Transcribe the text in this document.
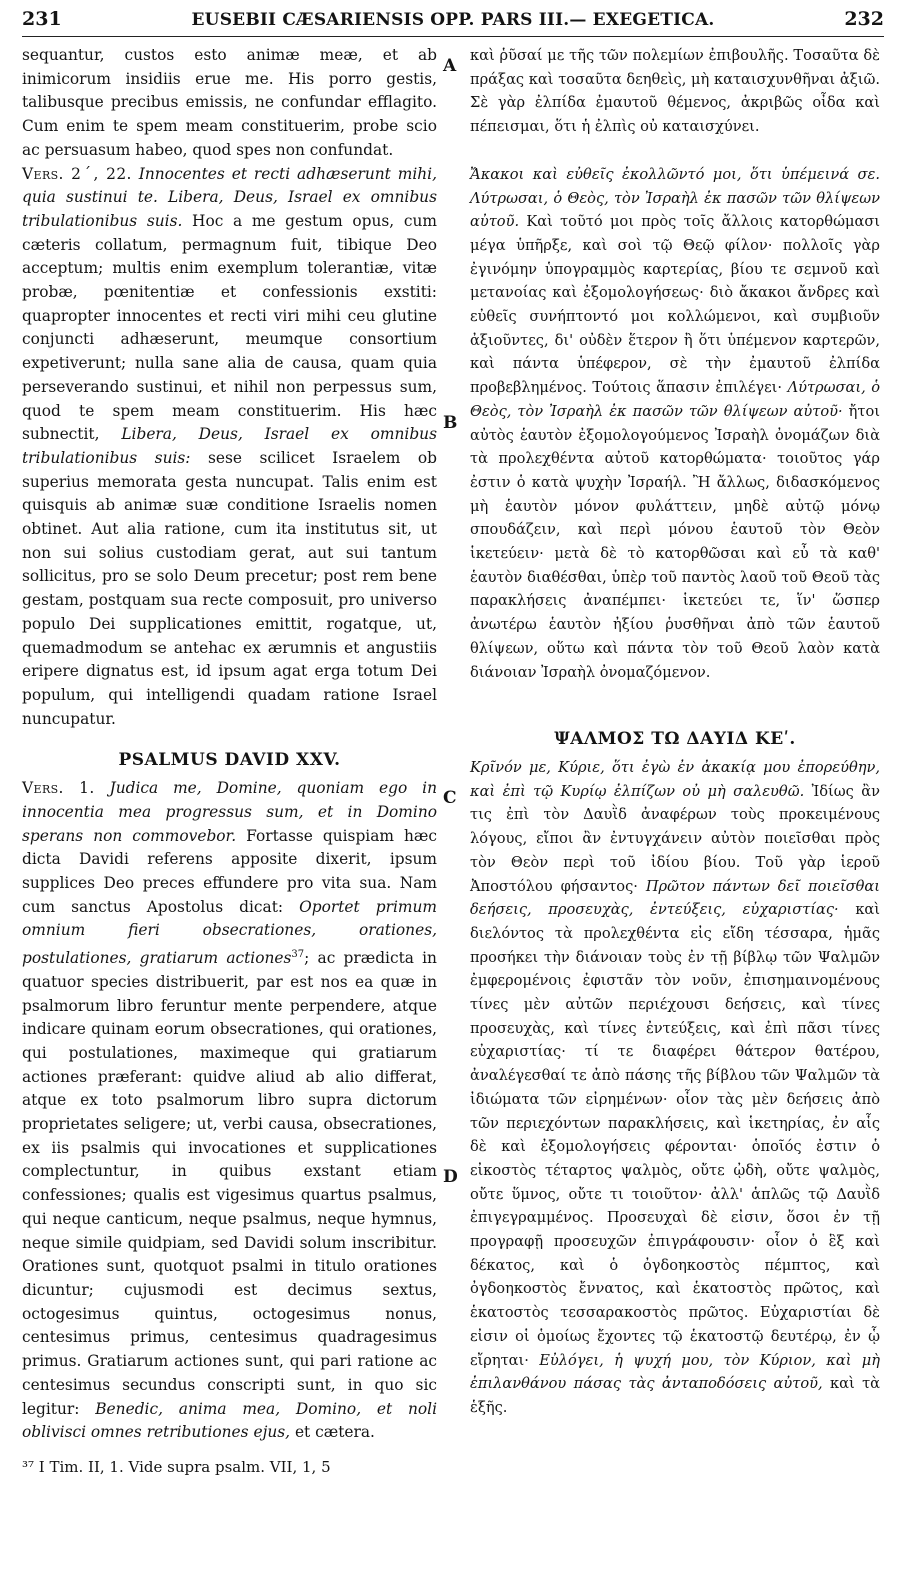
231	EUSEBII CÆSARIENSIS OPP. PARS III.— EXEGETICA.	232
sequantur, custos esto animæ meæ, et ab inimicorum insidiis erue me. His porro gestis, talibusque precibus emissis, ne confundar efflagito. Cum enim te spem meam constituerim, probe scio ac persuasum habeo, quod spes non confundat.
Vers. 2ˊ, 22. Innocentes et recti adhæserunt mihi, quia sustinui te. Libera, Deus, Israel ex omnibus tribulationibus suis. Hoc a me gestum opus, cum cæteris collatum, permagnum fuit, tibique Deo acceptum; multis enim exemplum tolerantiæ, vitæ probæ, pœnitentiæ et confessionis exstiti: quapropter innocentes et recti viri mihi ceu glutine conjuncti adhæserunt, meumque consortium expetiverunt; nulla sane alia de causa, quam quia perseverando sustinui, et nihil non perpessus sum, quod te spem meam constituerim. His hæc subnectit, Libera, Deus, Israel ex omnibus tribulationibus suis: sese scilicet Israelem ob superius memorata gesta nuncupat. Talis enim est quisquis ab animæ suæ conditione Israelis nomen obtinet. Aut alia ratione, cum ita institutus sit, ut non sui solius custodiam gerat, aut sui tantum sollicitus, pro se solo Deum precetur; post rem bene gestam, postquam sua recte composuit, pro universo populo Dei supplicationes emittit, rogatque, ut, quemadmodum se antehac ex ærumnis et angustiis eripere dignatus est, id ipsum agat erga totum Dei populum, qui intelligendi quadam ratione Israel nuncupatur.
PSALMUS DAVID XXV.
Vers. 1. Judica me, Domine, quoniam ego in innocentia mea progressus sum, et in Domino sperans non commovebor. Fortasse quispiam hæc dicta Davidi referens apposite dixerit, ipsum supplices Deo preces effundere pro vita sua. Nam cum sanctus Apostolus dicat: Oportet primum omnium fieri obsecrationes, orationes, postulationes, gratiarum actiones$^{37}$; ac prædicta in quatuor species distribuerit, par est nos ea quæ in psalmorum libro feruntur mente perpendere, atque indicare quinam eorum obsecrationes, qui orationes, qui postulationes, maximeque qui gratiarum actiones præferant: quidve aliud ab alio differat, atque ex toto psalmorum libro supra dictorum proprietates seligere; ut, verbi causa, obsecrationes, ex iis psalmis qui invocationes et supplicationes complectuntur, in quibus exstant etiam confessiones; qualis est vigesimus quartus psalmus, qui neque canticum, neque psalmus, neque hymnus, neque simile quidpiam, sed Davidi solum inscribitur. Orationes sunt, quotquot psalmi in titulo orationes dicuntur; cujusmodi est decimus sextus, octogesimus quintus, octogesimus nonus, centesimus primus, centesimus quadragesimus primus. Gratiarum actiones sunt, qui pari ratione ac centesimus secundus conscripti sunt, in quo sic legitur: Benedic, anima mea, Domino, et noli oblivisci omnes retributiones ejus, et cætera.
A
B
C
D
καὶ ῥῦσαί με τῆς τῶν πολεμίων ἐπιβουλῆς. Τοσαῦτα δὲ πράξας καὶ τοσαῦτα δεηθεὶς, μὴ καταισχυνθῆναι ἀξιῶ. Σὲ γὰρ ἐλπίδα ἐμαυτοῦ θέμενος, ἀκριβῶς οἶδα καὶ πέπεισμαι, ὅτι ἡ ἐλπὶς οὐ καταισχύνει.
Ἄκακοι καὶ εὐθεῖς ἐκολλῶντό μοι, ὅτι ὑπέμεινά σε. Λύτρωσαι, ὁ Θεὸς, τὸν Ἰσραὴλ ἐκ πασῶν τῶν θλίψεων αὐτοῦ. Καὶ τοῦτό μοι πρὸς τοῖς ἄλλοις κατορθώμασι μέγα ὑπῆρξε, καὶ σοὶ τῷ Θεῷ φίλον· πολλοῖς γὰρ ἐγινόμην ὑπογραμμὸς καρτερίας, βίου τε σεμνοῦ καὶ μετανοίας καὶ ἐξομολογήσεως· διὸ ἄκακοι ἄνδρες καὶ εὐθεῖς συνήπτοντό μοι κολλώμενοι, καὶ συμβιοῦν ἀξιοῦντες, δι' οὐδὲν ἕτερον ἢ ὅτι ὑπέμενον καρτερῶν, καὶ πάντα ὑπέφερον, σὲ τὴν ἐμαυτοῦ ἐλπίδα προβεβλημένος. Τούτοις ἅπασιν ἐπιλέγει· Λύτρωσαι, ὁ Θεὸς, τὸν Ἰσραὴλ ἐκ πασῶν τῶν θλίψεων αὐτοῦ· ἤτοι αὐτὸς ἑαυτὸν ἐξομολογούμενος Ἰσραὴλ ὀνομάζων διὰ τὰ προλεχθέντα αὐτοῦ κατορθώματα· τοιοῦτος γάρ ἐστιν ὁ κατὰ ψυχὴν Ἰσραήλ. Ἢ ἄλλως, διδασκόμενος μὴ ἑαυτὸν μόνον φυλάττειν, μηδὲ αὐτῷ μόνῳ σπουδάζειν, καὶ περὶ μόνου ἑαυτοῦ τὸν Θεὸν ἱκετεύειν· μετὰ δὲ τὸ κατορθῶσαι καὶ εὖ τὰ καθ' ἑαυτὸν διαθέσθαι, ὑπὲρ τοῦ παντὸς λαοῦ τοῦ Θεοῦ τὰς παρακλήσεις ἀναπέμπει· ἱκετεύει τε, ἵν' ὥσπερ ἀνωτέρω ἑαυτὸν ἠξίου ῥυσθῆναι ἀπὸ τῶν ἑαυτοῦ θλίψεων, οὕτω καὶ πάντα τὸν τοῦ Θεοῦ λαὸν κατὰ διάνοιαν Ἰσραὴλ ὀνομαζόμενον.
ΨΑΛΜΟΣ ΤΩ ΔΑΥΙΔ ΚΕʹ.
Κρῖνόν με, Κύριε, ὅτι ἐγὼ ἐν ἀκακίᾳ μου ἐπορεύθην, καὶ ἐπὶ τῷ Κυρίῳ ἐλπίζων οὐ μὴ σαλευθῶ. Ἰδίως ἂν τις ἐπὶ τὸν Δαυῒδ ἀναφέρων τοὺς προκειμένους λόγους, εἴποι ἂν ἐντυγχάνειν αὐτὸν ποιεῖσθαι πρὸς τὸν Θεὸν περὶ τοῦ ἰδίου βίου. Τοῦ γὰρ ἱεροῦ Ἀποστόλου φήσαντος· Πρῶτον πάντων δεῖ ποιεῖσθαι δεήσεις, προσευχὰς, ἐντεύξεις, εὐχαριστίας· καὶ διελόντος τὰ προλεχθέντα εἰς εἴδη τέσσαρα, ἡμᾶς προσήκει τὴν διάνοιαν τοὺς ἐν τῇ βίβλῳ τῶν Ψαλμῶν ἐμφερομένοις ἐφιστᾶν τὸν νοῦν, ἐπισημαινομένους τίνες μὲν αὐτῶν περιέχουσι δεήσεις, καὶ τίνες προσευχὰς, καὶ τίνες ἐντεύξεις, καὶ ἐπὶ πᾶσι τίνες εὐχαριστίας· τί τε διαφέρει θάτερον θατέρου, ἀναλέγεσθαί τε ἀπὸ πάσης τῆς βίβλου τῶν Ψαλμῶν τὰ ἰδιώματα τῶν εἰρημένων· οἷον τὰς μὲν δεήσεις ἀπὸ τῶν περιεχόντων παρακλήσεις, καὶ ἱκετηρίας, ἐν αἷς δὲ καὶ ἐξομολογήσεις φέρονται· ὁποῖός ἐστιν ὁ εἰκοστὸς τέταρτος ψαλμὸς, οὔτε ᾠδὴ, οὔτε ψαλμὸς, οὔτε ὕμνος, οὔτε τι τοιοῦτον· ἀλλ' ἁπλῶς τῷ Δαυῒδ ἐπιγεγραμμένος. Προσευχαὶ δὲ εἰσιν, ὅσοι ἐν τῇ προγραφῇ προσευχῶν ἐπιγράφουσιν· οἷον ὁ ἓξ καὶ δέκατος, καὶ ὁ ὀγδοηκοστὸς πέμπτος, καὶ ὀγδοηκοστὸς ἔννατος, καὶ ἑκατοστὸς πρῶτος, καὶ ἑκατοστὸς τεσσαρακοστὸς πρῶτος. Εὐχαριστίαι δὲ εἰσιν οἱ ὁμοίως ἔχοντες τῷ ἑκατοστῷ δευτέρῳ, ἐν ᾧ εἴρηται· Εὐλόγει, ἡ ψυχή μου, τὸν Κύριον, καὶ μὴ ἐπιλανθάνου πάσας τὰς ἀνταποδόσεις αὐτοῦ, καὶ τὰ ἑξῆς.
³⁷ I Tim. II, 1. Vide supra psalm. VII, 1, 5
